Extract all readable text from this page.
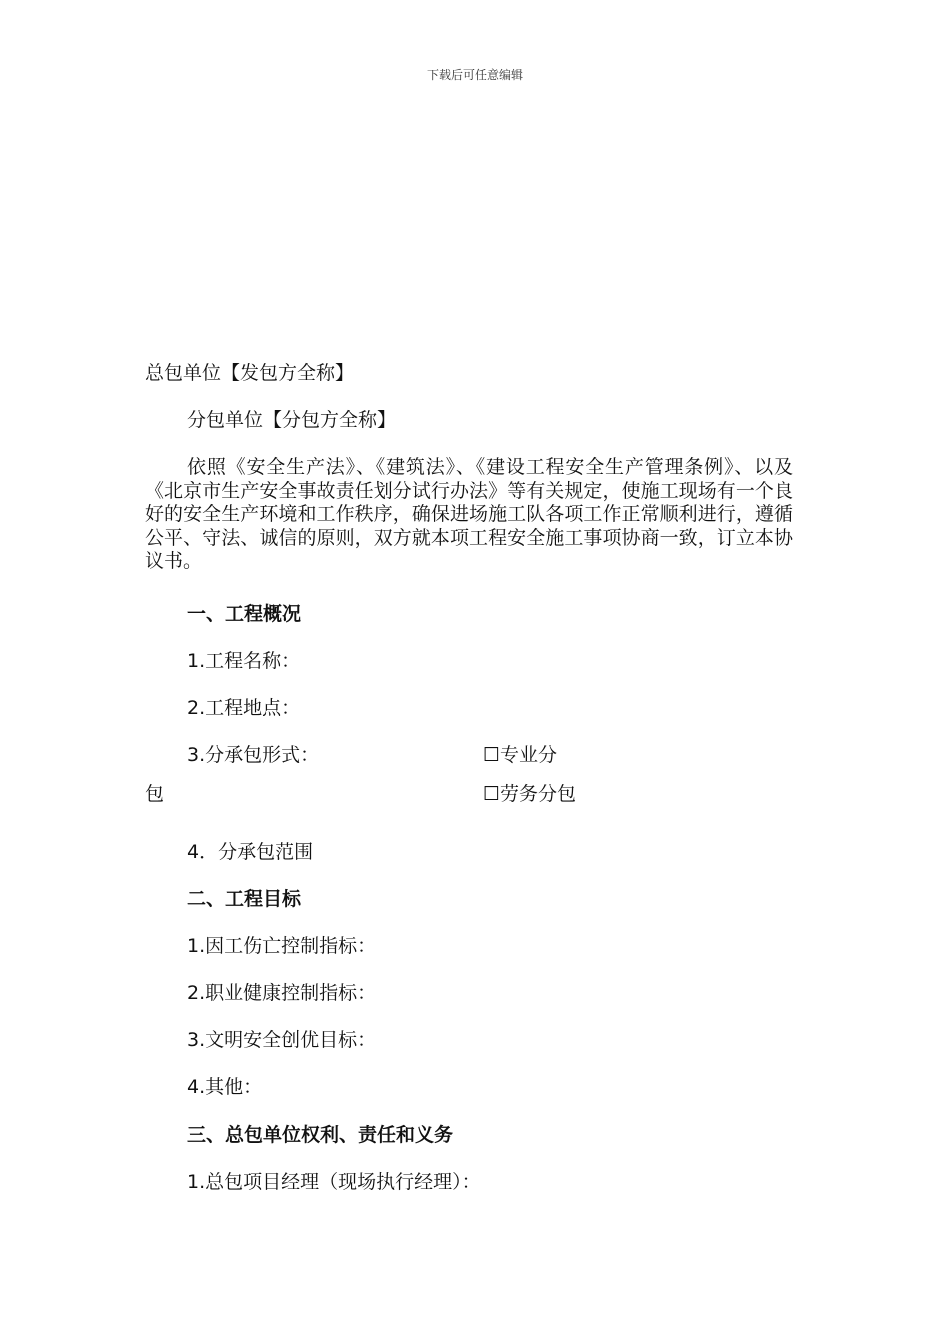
下载后可任意编辑
总包单位【发包方全称】
分包单位【分包方全称】
依照《安全生产法》、《建筑法》、《建设工程安全生产管理条例》、以及《北京市生产安全事故责任划分试行办法》等有关规定，使施工现场有一个良好的安全生产环境和工作秩序，确保进场施工队各项工作正常顺利进行，遵循公平、守法、诚信的原则，双方就本项工程安全施工事项协商一致，订立本协议书。
一、工程概况
1.工程名称：
2.工程地点：
3.分承包形式：	☐专业分
包	☐劳务分包
4．分承包范围
二、工程目标
1.因工伤亡控制指标：
2.职业健康控制指标：
3.文明安全创优目标：
4.其他：
三、总包单位权利、责任和义务
1.总包项目经理（现场执行经理）：
